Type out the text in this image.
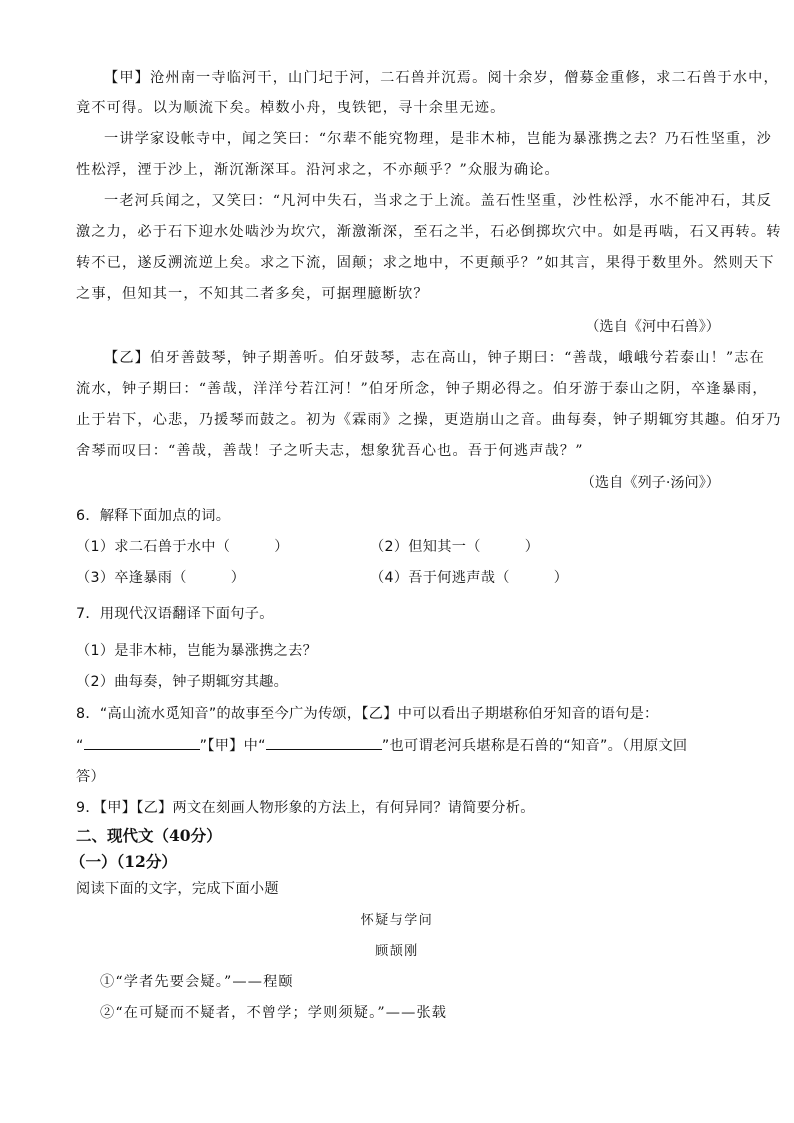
【甲】沧州南一寺临河干，山门圮于河，二石兽并沉焉。阅十余岁，僧募金重修，求二石兽于水中，
竟不可得。以为顺流下矣。棹数小舟，曳铁钯，寻十余里无迹。
一讲学家设帐寺中，闻之笑曰：“尔辈不能究物理，是非木柿，岂能为暴涨携之去？乃石性坚重，沙
性松浮，湮于沙上，渐沉渐深耳。沿河求之，不亦颠乎？”众服为确论。
一老河兵闻之，又笑曰：“凡河中失石，当求之于上流。盖石性坚重，沙性松浮，水不能冲石，其反
激之力，必于石下迎水处啮沙为坎穴，渐激渐深，至石之半，石必倒掷坎穴中。如是再啮，石又再转。转
转不已，遂反溯流逆上矣。求之下流，固颠；求之地中，不更颠乎？”如其言，果得于数里外。然则天下
之事，但知其一，不知其二者多矣，可据理臆断欤？
（选自《河中石兽》）
【乙】伯牙善鼓琴，钟子期善听。伯牙鼓琴，志在高山，钟子期曰：“善哉，峨峨兮若泰山！”志在
流水，钟子期曰：“善哉，洋洋兮若江河！”伯牙所念，钟子期必得之。伯牙游于泰山之阴，卒逢暴雨，
止于岩下，心悲，乃援琴而鼓之。初为《霖雨》之操，更造崩山之音。曲每奏，钟子期辄穷其趣。伯牙乃
舍琴而叹曰：“善哉，善哉！子之听夫志，想象犹吾心也。吾于何逃声哉？”
（选自《列子·汤问》）
6．解释下面加点的词。
（1）求二石兽于水中（	）	（2）但知其一（	）
（3）卒逢暴雨（	）	（4）吾于何逃声哉（	）
7．用现代汉语翻译下面句子。
（1）是非木柿，岂能为暴涨携之去？
（2）曲每奏，钟子期辄穷其趣。
8．“高山流水觅知音”的故事至今广为传颂，【乙】中可以看出子期堪称伯牙知音的语句是：
“	”【甲】中“	”也可谓老河兵堪称是石兽的“知音”。（用原文回
答）
9．【甲】【乙】两文在刻画人物形象的方法上，有何异同？请简要分析。
二、现代文（40分）
（一）（12分）
阅读下面的文字，完成下面小题
怀疑与学问
顾颉刚
①“学者先要会疑。”——程颐
②“在可疑而不疑者，不曾学；学则须疑。”——张载
